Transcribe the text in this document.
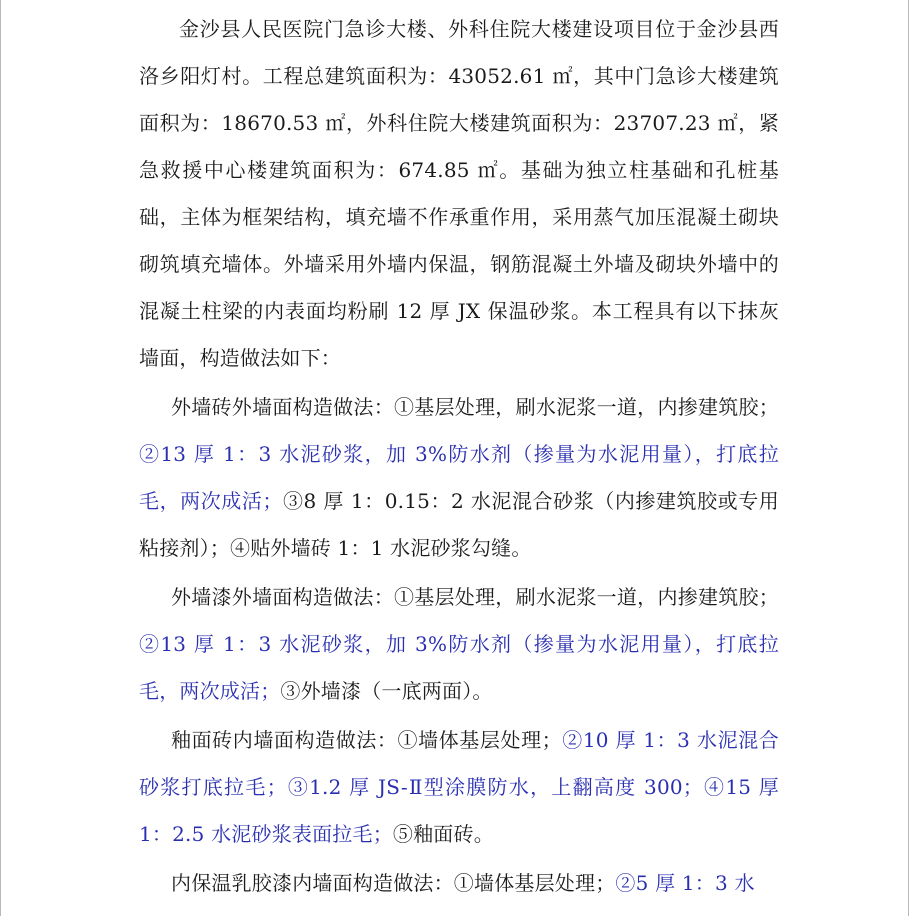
金沙县人民医院门急诊大楼、外科住院大楼建设项目位于金沙县西洛乡阳灯村。工程总建筑面积为：43052.61 ㎡，其中门急诊大楼建筑面积为：18670.53 ㎡，外科住院大楼建筑面积为：23707.23 ㎡，紧急救援中心楼建筑面积为：674.85 ㎡。基础为独立柱基础和孔桩基础，主体为框架结构，填充墙不作承重作用，采用蒸气加压混凝土砌块砌筑填充墙体。外墙采用外墙内保温，钢筋混凝土外墙及砌块外墙中的混凝土柱梁的内表面均粉刷 12 厚 JX 保温砂浆。本工程具有以下抹灰墙面，构造做法如下：

外墙砖外墙面构造做法：①基层处理，刷水泥浆一道，内掺建筑胶；②13 厚 1：3 水泥砂浆，加 3%防水剂（掺量为水泥用量），打底拉毛，两次成活；③8 厚 1：0.15：2 水泥混合砂浆（内掺建筑胶或专用粘接剂）；④贴外墙砖 1：1 水泥砂浆勾缝。

外墙漆外墙面构造做法：①基层处理，刷水泥浆一道，内掺建筑胶；②13 厚 1：3 水泥砂浆，加 3%防水剂（掺量为水泥用量），打底拉毛，两次成活；③外墙漆（一底两面）。

釉面砖内墙面构造做法：①墙体基层处理；②10 厚 1：3 水泥混合砂浆打底拉毛；③1.2 厚 JS-Ⅱ型涂膜防水，上翻高度 300；④15 厚 1：2.5 水泥砂浆表面拉毛；⑤釉面砖。

内保温乳胶漆内墙面构造做法：①墙体基层处理；②5 厚 1：3 水
